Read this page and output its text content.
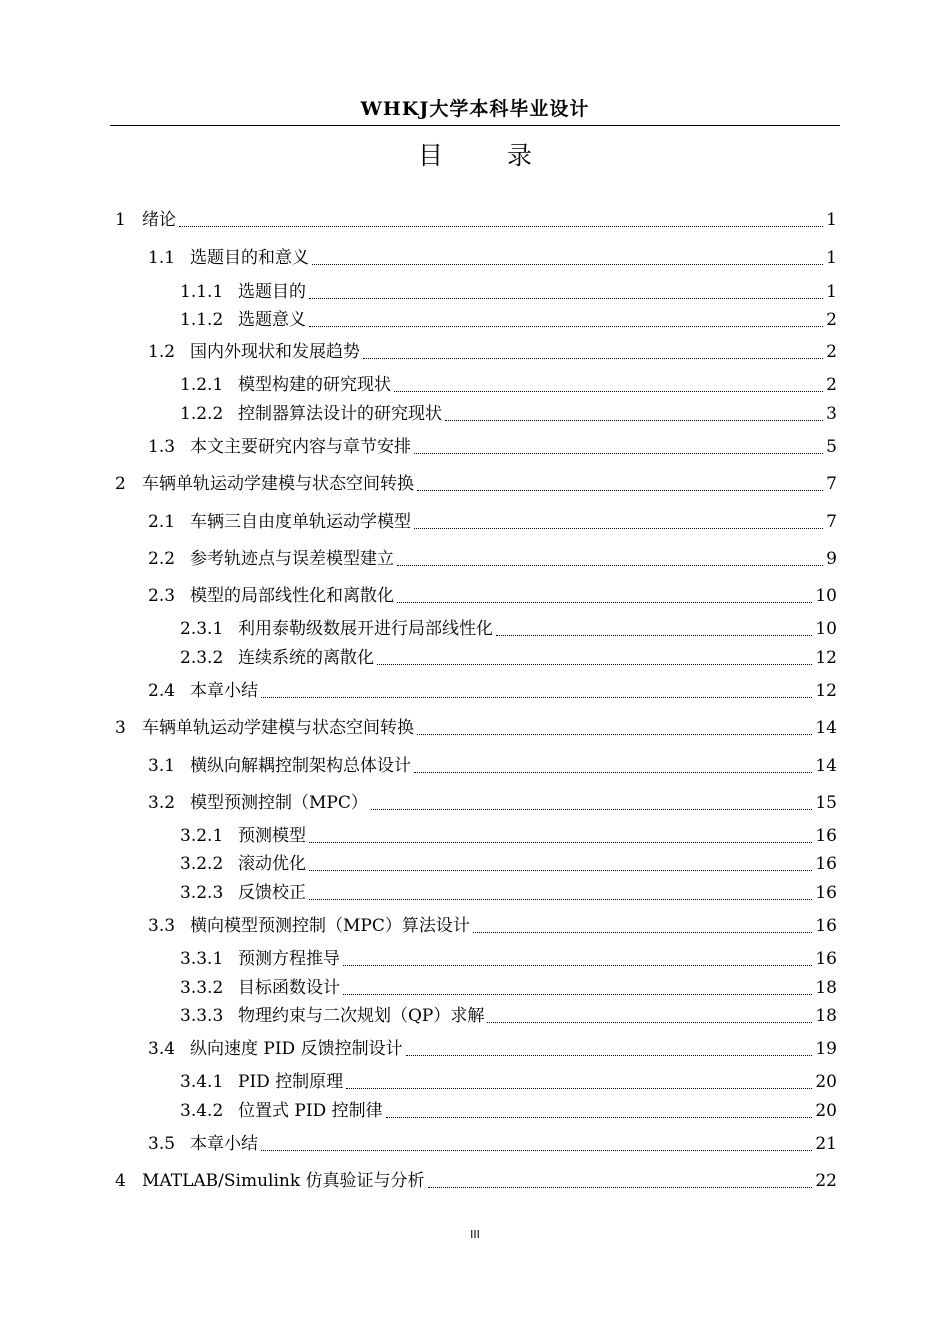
WHKJ大学本科毕业设计
目 录
1 绪论	1
1.1 选题目的和意义	1
1.1.1 选题目的	1
1.1.2 选题意义	2
1.2 国内外现状和发展趋势	2
1.2.1 模型构建的研究现状	2
1.2.2 控制器算法设计的研究现状	3
1.3 本文主要研究内容与章节安排	5
2 车辆单轨运动学建模与状态空间转换	7
2.1 车辆三自由度单轨运动学模型	7
2.2 参考轨迹点与误差模型建立	9
2.3 模型的局部线性化和离散化	10
2.3.1 利用泰勒级数展开进行局部线性化	10
2.3.2 连续系统的离散化	12
2.4 本章小结	12
3 车辆单轨运动学建模与状态空间转换	14
3.1 横纵向解耦控制架构总体设计	14
3.2 模型预测控制（MPC）	15
3.2.1 预测模型	16
3.2.2 滚动优化	16
3.2.3 反馈校正	16
3.3 横向模型预测控制（MPC）算法设计	16
3.3.1 预测方程推导	16
3.3.2 目标函数设计	18
3.3.3 物理约束与二次规划（QP）求解	18
3.4 纵向速度 PID 反馈控制设计	19
3.4.1 PID 控制原理	20
3.4.2 位置式 PID 控制律	20
3.5 本章小结	21
4 MATLAB/Simulink 仿真验证与分析	22
III
